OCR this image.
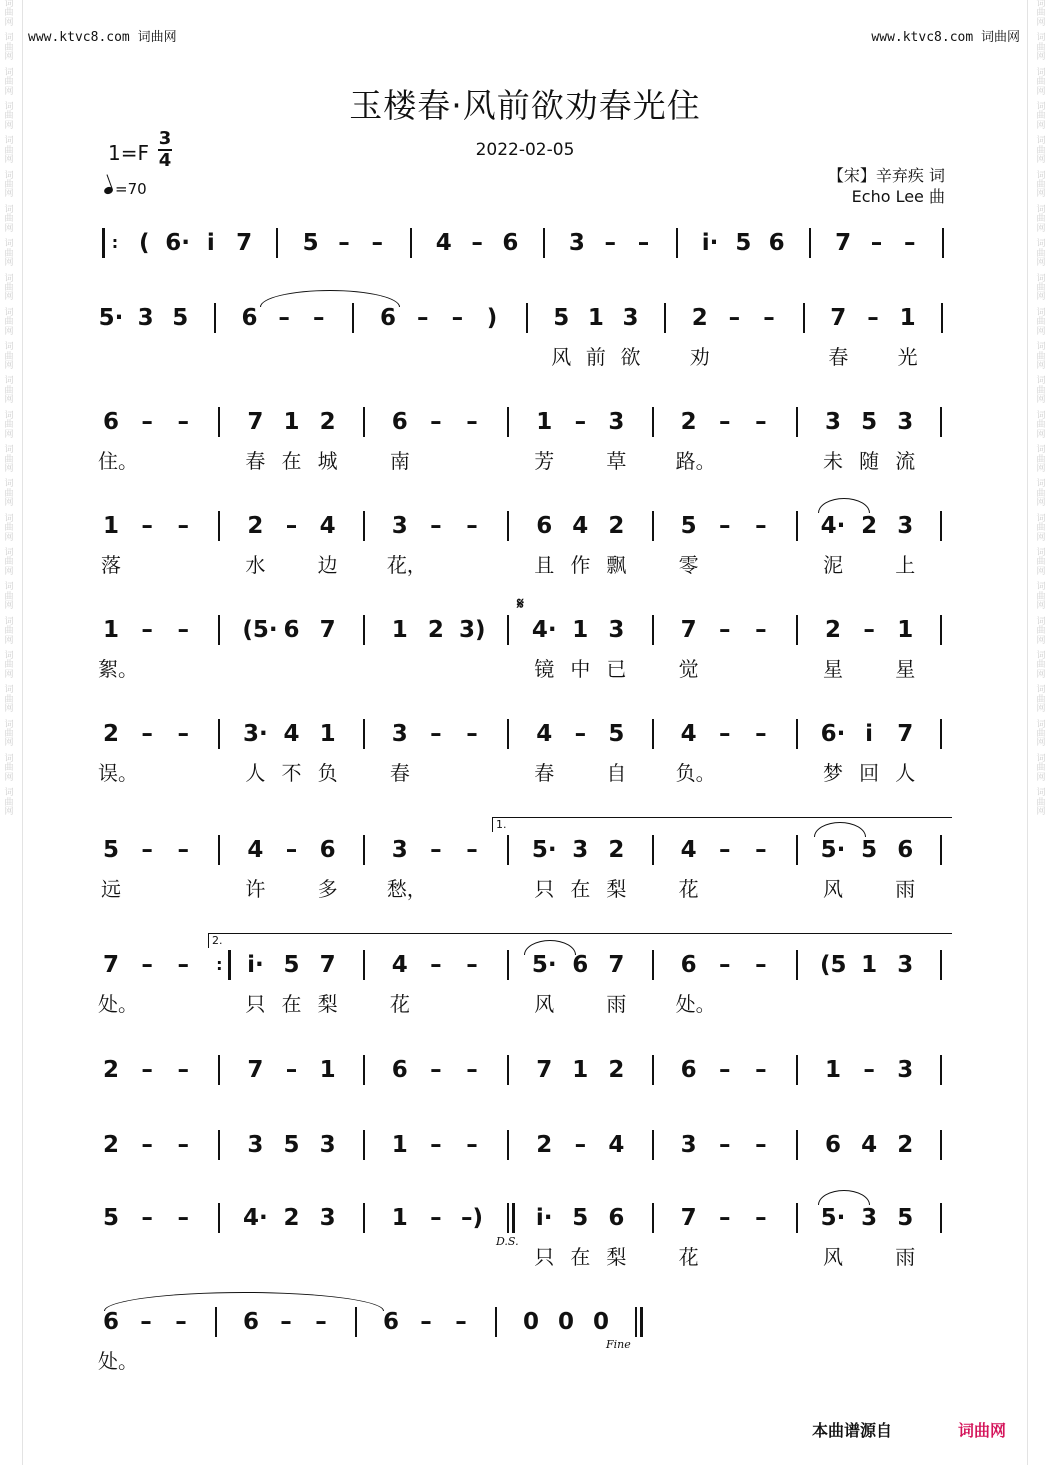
词
曲
网
词
曲
网
词
曲
网
词
曲
网
词
曲
网
词
曲
网
词
曲
网
词
曲
网
词
曲
网
词
曲
网
词
曲
网
词
曲
网
词
曲
网
词
曲
网
词
曲
网
词
曲
网
词
曲
网
词
曲
网
词
曲
网
词
曲
网
词
曲
网
词
曲
网
词
曲
网
词
曲
网
词
曲
网
词
曲
网
词
曲
网
词
曲
网
词
曲
网
词
曲
网
词
曲
网
词
曲
网
词
曲
网
词
曲
网
词
曲
网
词
曲
网
词
曲
网
词
曲
网
词
曲
网
词
曲
网
词
曲
网
词
曲
网
词
曲
网
词
曲
网
词
曲
网
词
曲
网
词
曲
网
词
曲
网
www.ktvc8.com 词曲网	www.ktvc8.com 词曲网
玉楼春·风前欲劝春光住
2022-02-05
1=F
3
4
=70
【宋】辛弃疾 词
Echo Lee 曲
: ( 6· i 7 5 – –	4 – 6 3 – –	i· 5 6 7 – –
5· 3 5 6 –	–	6 –	–	)	5 1 3 2 –	–	7 – 1
风 前 欲 劝	春 光
6 –	–	7 1 2 6 –	–	1 – 3 2 –	–	3 5 3
住。	春 在 城	南	芳	草 路。	未 随 流
1 –	–	2 – 4 3 –	–	6 4 2 5 –	–	4· 2 3
落	水	边 花，	且 作 飘	零	泥	上
1 –	–	(5· 6 7 1 2 3) 4· 1 3 7 –	–	2 – 1
絮。	镜 中 已	觉	星	星
2 –	–	3· 4 1 3 –	–	4 – 5 4 –	–	6· i	7
误。	人 不 负	春	春	自 负。	梦 回 人
5 –	–	4 – 6 3 –	–	5· 3 2 4 –	–	5· 5 6
远	许	多 愁，	只 在 梨	花	风	雨
7 –	–	:	i· 5 7 4 –	–	5· 6 7 6 –	–	(5 1 3
处。	只 在 梨	花	风	雨 处。
2 –	–	7 – 1 6 –	–	7 1 2 6 –	–	1 – 3
2 –	–	3 5 3 1 –	–	2 – 4 3 –	–	6 4 2
5 –	–	4· 2 3 1 – –) i· 5 6 7 –	–	5· 3 5
只 在 梨	花	风	雨
6 –	–	6 –	–	6 –	–	0 0 0
处。
𝄋
D.S.
Fine
1.
2.
本曲谱源自	词曲网
